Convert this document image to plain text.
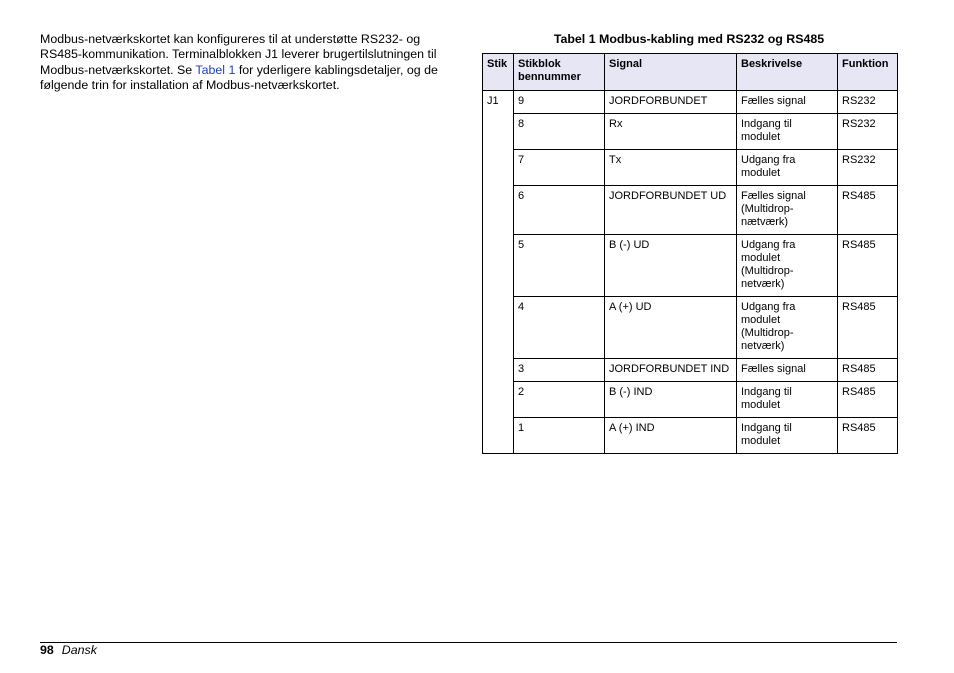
Modbus-netværkskortet kan konfigureres til at understøtte RS232- og RS485-kommunikation. Terminalblokken J1 leverer brugertilslutningen til Modbus-netværkskortet. Se Tabel 1 for yderligere kablingsdetaljer, og de følgende trin for installation af Modbus-netværkskortet.

Tabel 1 Modbus-kabling med RS232 og RS485
Stik	Stikblok bennummer	Signal	Beskrivelse	Funktion
J1	9	JORDFORBUNDET	Fælles signal	RS232
	8	Rx	Indgang til modulet	RS232
	7	Tx	Udgang fra modulet	RS232
	6	JORDFORBUNDET UD	Fælles signal (Multidrop-nætværk)	RS485
	5	B (-) UD	Udgang fra modulet (Multidrop-netværk)	RS485
	4	A (+) UD	Udgang fra modulet (Multidrop-netværk)	RS485
	3	JORDFORBUNDET IND	Fælles signal	RS485
	2	B (-) IND	Indgang til modulet	RS485
	1	A (+) IND	Indgang til modulet	RS485
98 Dansk
